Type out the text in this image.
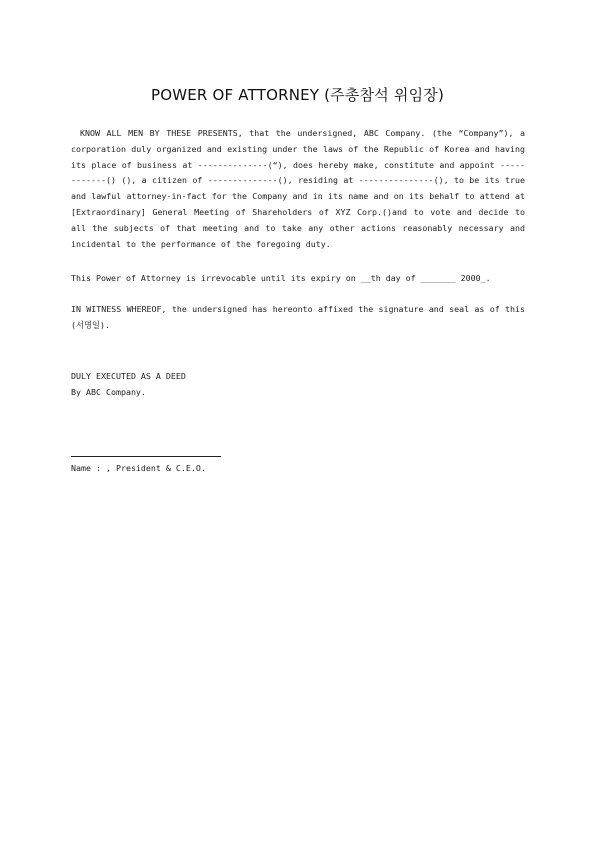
POWER OF ATTORNEY (주총참석 위임장)
KNOW ALL MEN BY THESE PRESENTS, that the undersigned, ABC Company. (the “Company”), a corporation duly organized and existing under the laws of the Republic of Korea and having its place of business at --------------(“), does hereby make, constitute and appoint ------------() (), a citizen of --------------(), residing at ---------------(), to be its true and lawful attorney-in-fact for the Company and in its name and on its behalf to attend at [Extraordinary] General Meeting of Shareholders of XYZ Corp.()and to vote and decide to all the subjects of that meeting and to take any other actions reasonably necessary and incidental to the performance of the foregoing duty.
This Power of Attorney is irrevocable until its expiry on __th day of _______ 2000_.
IN WITNESS WHEREOF, the undersigned has hereonto affixed the signature and seal as of this (서명일).
DULY EXECUTED AS A DEED
By ABC Company.
Name : , President & C.E.O.
